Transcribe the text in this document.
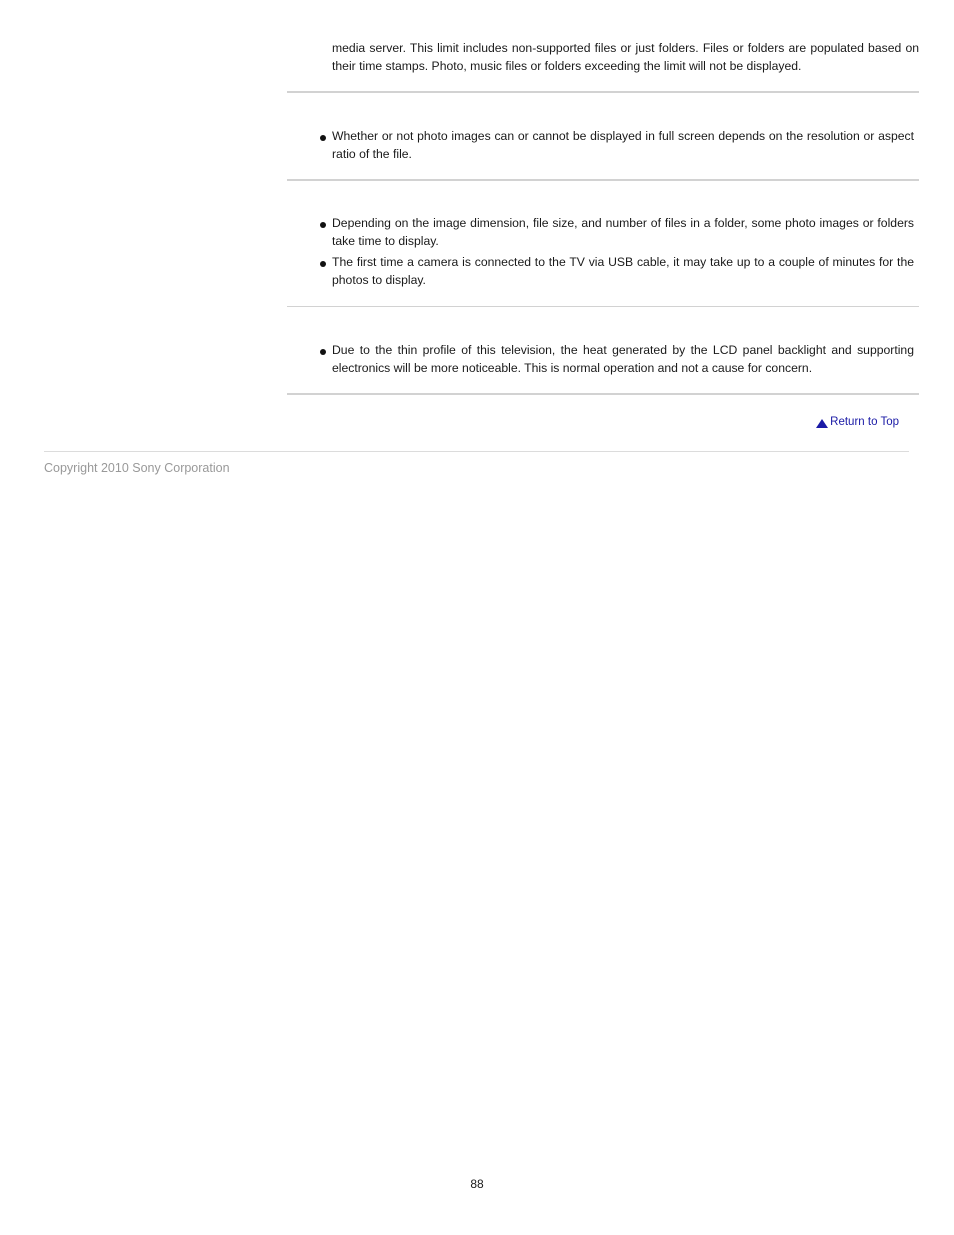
media server. This limit includes non-supported files or just folders. Files or folders are populated based on their time stamps. Photo, music files or folders exceeding the limit will not be displayed.
Whether or not photo images can or cannot be displayed in full screen depends on the resolution or aspect ratio of the file.
Depending on the image dimension, file size, and number of files in a folder, some photo images or folders take time to display.
The first time a camera is connected to the TV via USB cable, it may take up to a couple of minutes for the photos to display.
Due to the thin profile of this television, the heat generated by the LCD panel backlight and supporting electronics will be more noticeable. This is normal operation and not a cause for concern.
Return to Top
Copyright 2010 Sony Corporation
88
